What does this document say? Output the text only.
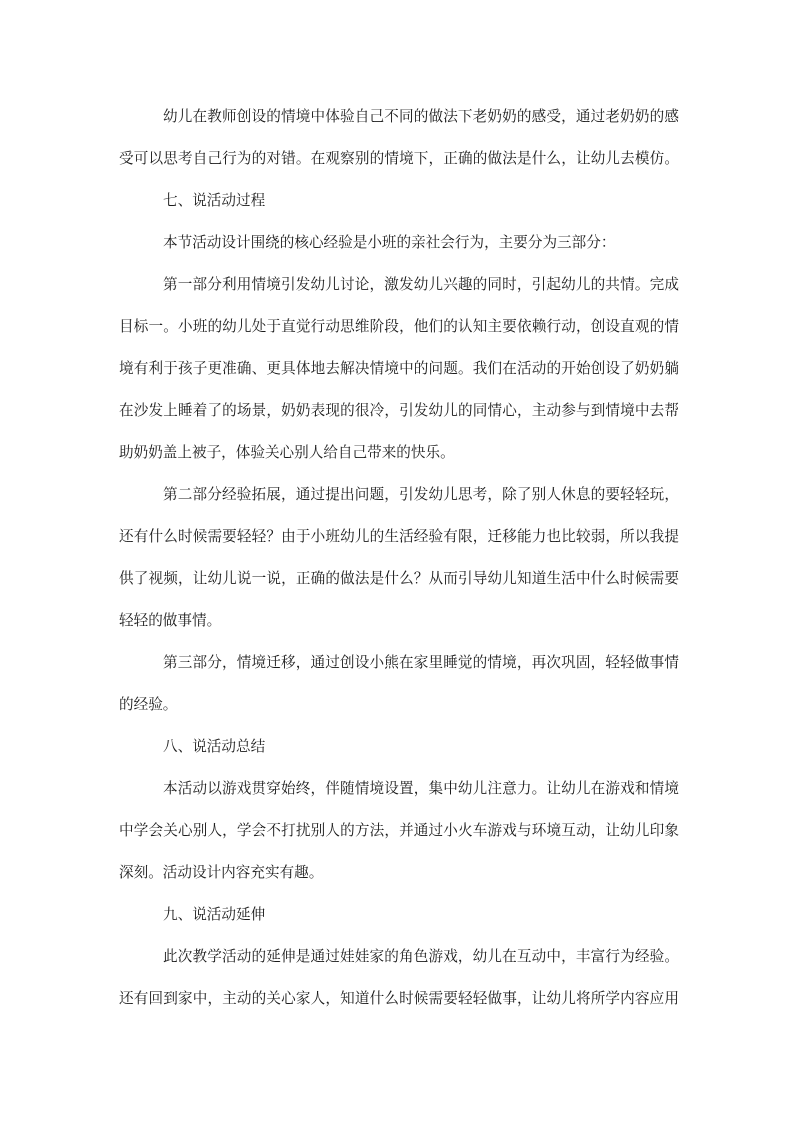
幼儿在教师创设的情境中体验自己不同的做法下老奶奶的感受，通过老奶奶的感
受可以思考自己行为的对错。在观察别的情境下，正确的做法是什么，让幼儿去模仿。
七、说活动过程
本节活动设计围绕的核心经验是小班的亲社会行为，主要分为三部分：
第一部分利用情境引发幼儿讨论，激发幼儿兴趣的同时，引起幼儿的共情。完成
目标一。小班的幼儿处于直觉行动思维阶段，他们的认知主要依赖行动，创设直观的情
境有利于孩子更准确、更具体地去解决情境中的问题。我们在活动的开始创设了奶奶躺
在沙发上睡着了的场景，奶奶表现的很冷，引发幼儿的同情心，主动参与到情境中去帮
助奶奶盖上被子，体验关心别人给自己带来的快乐。
第二部分经验拓展，通过提出问题，引发幼儿思考，除了别人休息的要轻轻玩，
还有什么时候需要轻轻？由于小班幼儿的生活经验有限，迁移能力也比较弱，所以我提
供了视频，让幼儿说一说，正确的做法是什么？从而引导幼儿知道生活中什么时候需要
轻轻的做事情。
第三部分，情境迁移，通过创设小熊在家里睡觉的情境，再次巩固，轻轻做事情
的经验。
八、说活动总结
本活动以游戏贯穿始终，伴随情境设置，集中幼儿注意力。让幼儿在游戏和情境
中学会关心别人，学会不打扰别人的方法，并通过小火车游戏与环境互动，让幼儿印象
深刻。活动设计内容充实有趣。
九、说活动延伸
此次教学活动的延伸是通过娃娃家的角色游戏，幼儿在互动中，丰富行为经验。
还有回到家中，主动的关心家人，知道什么时候需要轻轻做事，让幼儿将所学内容应用
